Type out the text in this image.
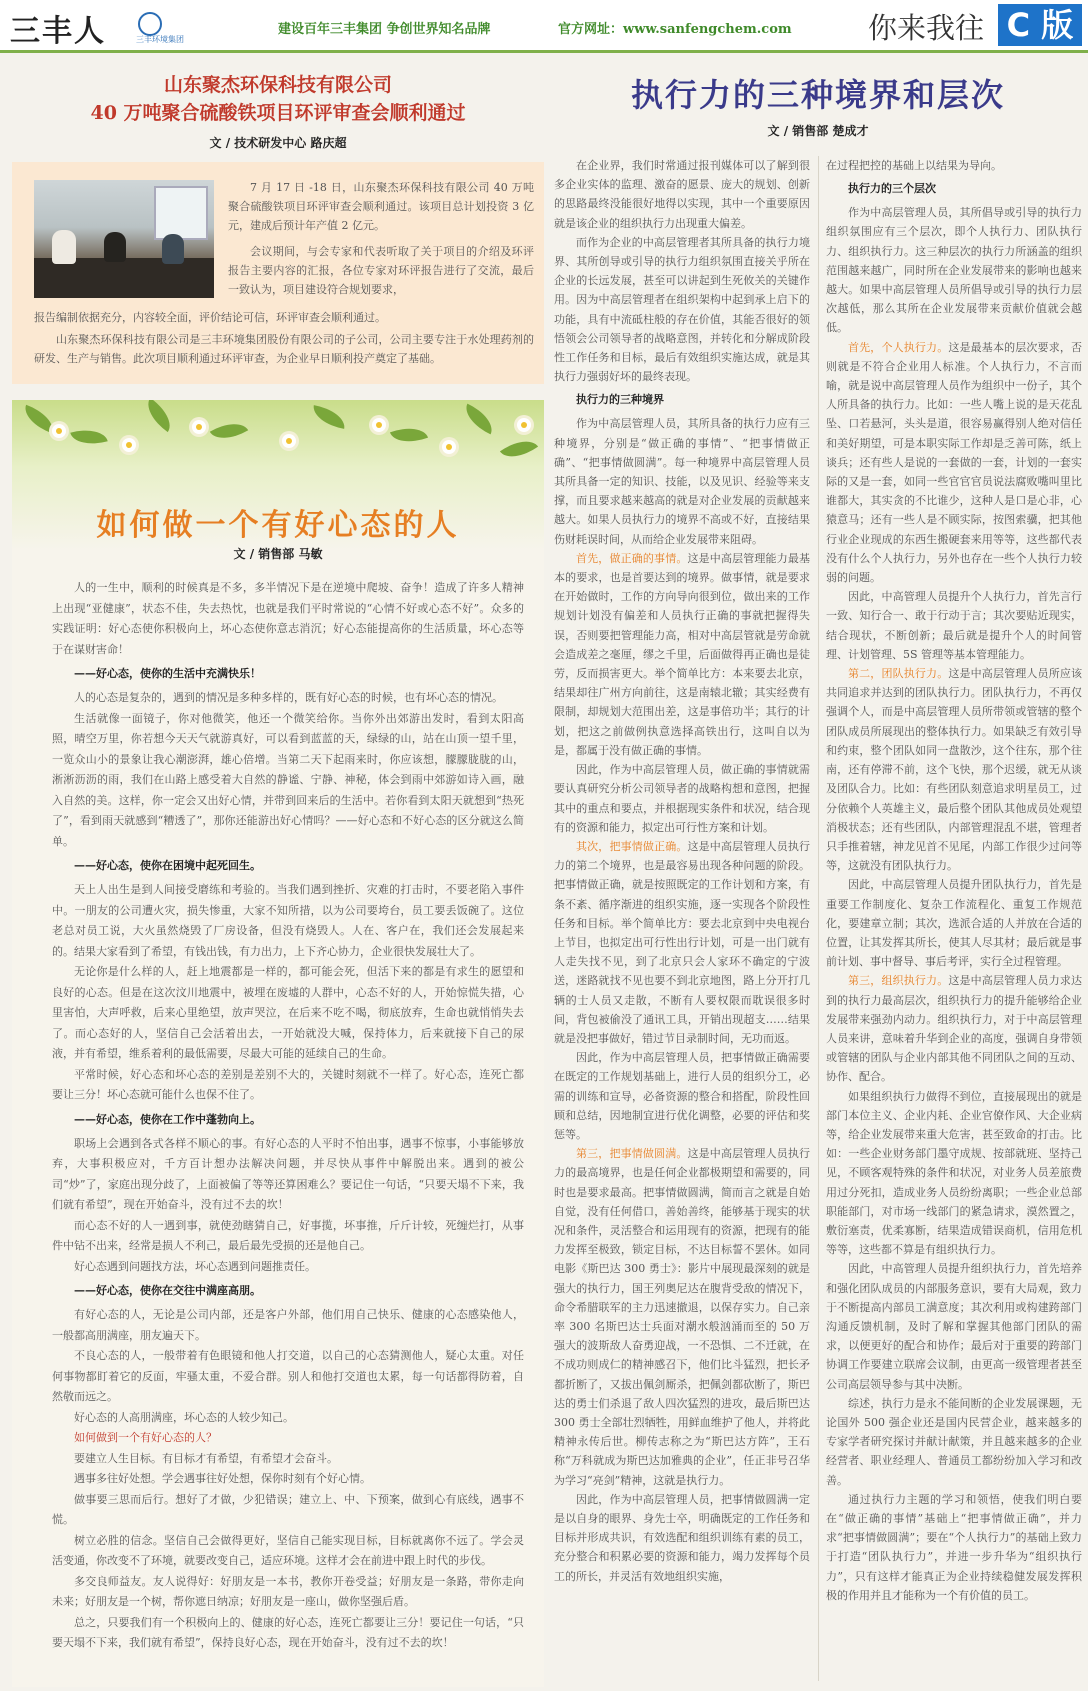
三丰人	三丰环境集团
建设百年三丰集团 争创世界知名品牌	官方网址：www.sanfengchem.com	你来我往 C 版
山东聚杰环保科技有限公司
40 万吨聚合硫酸铁项目环评审查会顺利通过
文 / 技术研发中心 路庆超

7 月 17 日 -18 日，山东聚杰环保科技有限公司 40 万吨聚合硫酸铁项目环评审查会顺利通过。该项目总计划投资 3 亿元，建成后预计年产值 2 亿元。

会议期间，与会专家和代表听取了关于项目的介绍及环评报告主要内容的汇报，各位专家对环评报告进行了交流，最后一致认为，项目建设符合规划要求，

报告编制依据充分，内容较全面，评价结论可信，环评审查会顺利通过。

山东聚杰环保科技有限公司是三丰环境集团股份有限公司的子公司，公司主要专注于水处理药剂的研发、生产与销售。此次项目顺利通过环评审查，为企业早日顺利投产奠定了基础。

如何做一个有好心态的人
文 / 销售部 马敏

人的一生中，顺利的时候真是不多，多半情况下是在逆境中爬坡、奋争！造成了许多人精神上出现“亚健康”，状态不佳，失去热忱，也就是我们平时常说的“心情不好或心态不好”。众多的实践证明：好心态使你积极向上，坏心态使你意志消沉；好心态能提高你的生活质量，坏心态等于在谋财害命！

——好心态，使你的生活中充满快乐！

人的心态是复杂的，遇到的情况是多种多样的，既有好心态的时候，也有坏心态的情况。

生活就像一面镜子，你对他微笑，他还一个微笑给你。当你外出郊游出发时，看到太阳高照，晴空万里，你若想今天天气就游真好，可以看到蓝蓝的天，绿绿的山，站在山顶一望千里，一览众山小的景象让我心潮澎湃，雄心倍增。当第二天下起雨来时，你应该想，朦朦胧胧的山，淅淅沥沥的雨，我们在山路上感受着大自然的静谧、宁静、神秘，体会到雨中郊游如诗入画，融入自然的美。这样，你一定会又出好心情，并带到回来后的生活中。若你看到太阳天就想到“热死了”，看到雨天就感到“糟透了”，那你还能游出好心情吗？——好心态和不好心态的区分就这么简单。

——好心态，使你在困境中起死回生。

天上人出生是到人间接受磨练和考验的。当我们遇到挫折、灾难的打击时，不要老陷入事件中。一朋友的公司遭火灾，损失惨重，大家不知所措，以为公司要垮台，员工要丢饭碗了。这位老总对员工说，大火虽然烧毁了厂房设备，但没有烧毁人。人在、客户在，我们还会发展起来的。结果大家看到了希望，有钱出钱，有力出力，上下齐心协力，企业很快发展壮大了。

无论你是什么样的人，赶上地震都是一样的，都可能会死，但活下来的都是有求生的愿望和良好的心态。但是在这次汶川地震中，被埋在废墟的人群中，心态不好的人，开始惊慌失措，心里害怕，大声呼救，后来心里绝望，放声哭泣，在后来不吃不喝，彻底放弃，生命也就悄悄失去了。而心态好的人，坚信自己会活着出去，一开始就没大喊，保持体力，后来就接下自己的尿液，并有希望，维系着利的最低需要，尽最大可能的延续自己的生命。

平常时候，好心态和坏心态的差别是差别不大的，关键时刻就不一样了。好心态，连死亡都要让三分！坏心态就可能什么也保不住了。

——好心态，使你在工作中蓬勃向上。

职场上会遇到各式各样不顺心的事。有好心态的人平时不怕出事，遇事不惊事，小事能够放弃，大事积极应对，千方百计想办法解决问题，并尽快从事件中解脱出来。遇到的被公司“炒”了，家庭出现分歧了，上面被偏了等等还算困难么？要记住一句话，“只要天塌不下来，我们就有希望”，现在开始奋斗，没有过不去的坎！

而心态不好的人一遇到事，就使劲瞎猜自己，好事揽，坏事推，斤斤计较，死缠烂打，从事件中钻不出来，经常是损人不利己，最后最先受损的还是他自己。

好心态遇到问题找方法，坏心态遇到问题推责任。

——好心态，使你在交往中满座高朋。

有好心态的人，无论是公司内部，还是客户外部，他们用自己快乐、健康的心态感染他人，一般都高朋满座，朋友遍天下。

不良心态的人，一般带着有色眼镜和他人打交道，以自己的心态猜测他人，疑心太重。对任何事物都盯着它的反面，牢骚太重，不爱合群。别人和他打交道也太累，每一句话都得防着，自然敬而远之。

好心态的人高朋满座，坏心态的人较少知己。

如何做到一个有好心态的人？

要建立人生目标。有目标才有希望，有希望才会奋斗。

遇事多往好处想。学会遇事往好处想，保你时刻有个好心情。

做事要三思而后行。想好了才做，少犯错误；建立上、中、下预案，做到心有底线，遇事不慌。

树立必胜的信念。坚信自己会做得更好，坚信自己能实现目标，目标就离你不远了。学会灵活变通，你改变不了环境，就要改变自己，适应环境。这样才会在前进中跟上时代的步伐。

多交良师益友。友人说得好：好朋友是一本书，教你开卷受益；好朋友是一条路，带你走向未来；好朋友是一个树，帮你遮日纳凉；好朋友是一座山，做你坚强后盾。

总之，只要我们有一个积极向上的、健康的好心态，连死亡都要让三分！要记住一句话，“只要天塌不下来，我们就有希望”，保持良好心态，现在开始奋斗，没有过不去的坎！

执行力的三种境界和层次
文 / 销售部 楚成才

在企业界，我们时常通过报刊媒体可以了解到很多企业实体的监理、激奋的愿景、庞大的规划、创新的思路最终没能很好地得以实现，其中一个重要原因就是该企业的组织执行力出现重大偏差。

而作为企业的中高层管理者其所具备的执行力境界、其所创导或引导的执行力组织氛围直接关乎所在企业的长远发展，甚至可以讲起到生死攸关的关键作用。因为中高层管理者在组织架构中起到承上启下的功能，具有中流砥柱般的存在价值，其能否很好的领悟领会公司领导者的战略意图，并转化和分解成阶段性工作任务和目标，最后有效组织实施达成，就是其执行力强弱好坏的最终表现。

执行力的三种境界

作为中高层管理人员，其所具备的执行力应有三种境界，分别是“做正确的事情”、“把事情做正确”、“把事情做圆满”。每一种境界中高层管理人员其所具备一定的知识、技能，以及见识、经验等来支撑，而且要求越来越高的就是对企业发展的贡献越来越大。如果人员执行力的境界不高或不好，直接结果伤财耗误时间，从而给企业发展带来阻碍。

首先，做正确的事情。这是中高层管理能力最基本的要求，也是首要达到的境界。做事情，就是要求在开始做时，工作的方向导向很到位，做出来的工作规划计划没有偏差和人员执行正确的事就把握得失误，否则要把管理能力高，相对中高层管就是劳命就会造成差之毫厘，缪之千里，后面做得再正确也是徒劳，反而损害更大。举个简单比方：本来要去北京，结果却往广州方向前往，这是南辕北辙；其实经费有限制，却规划大范围出差，这是事倍功半；其行的计划，把这之前做例执意选择高铁出行，这叫自以为是，都属于没有做正确的事情。

因此，作为中高层管理人员，做正确的事情就需要认真研究分析公司领导者的战略构想和意图，把握其中的重点和要点，并根据现实条件和状况，结合现有的资源和能力，拟定出可行性方案和计划。

其次，把事情做正确。这是中高层管理人员执行力的第二个境界，也是最容易出现各种问题的阶段。把事情做正确，就是按照既定的工作计划和方案，有条不紊、循序渐进的组织实施，逐一实现各个阶段性任务和目标。举个简单比方：要去北京到中央电视台上节目，也拟定出可行性出行计划，可是一出门就有人走失找不见，到了北京只会人家环不确定的宁波送，迷路就找不见也要不到北京地图，路上分开打几辆的士人员又走散，不断有人要权限而耽误很多时间，背包被偷没了通讯工具，开销出现超支……结果就是没把事做好，错过节目录制时间，无功而返。

因此，作为中高层管理人员，把事情做正确需要在既定的工作规划基础上，进行人员的组织分工，必需的训练和宣导，必备资源的整合和搭配，阶段性回顾和总结，因地制宜进行优化调整，必要的评估和奖惩等。

第三，把事情做圆满。这是中高层管理人员执行力的最高境界，也是任何企业都极期望和需要的，同时也是要求最高。把事情做圆满，简而言之就是自始自觉，没有任何借口，善始善终，能够基于现实的状况和条件，灵活整合和运用现有的资源，把现有的能力发挥至极致，锁定目标，不达目标誓不罢休。如同电影《斯巴达 300 勇士》：影片中展现最深刻的就是强大的执行力，国王列奥尼达在腹背受敌的情况下，命令希腊联军的主力迅速撤退，以保存实力。自己亲率 300 名斯巴达士兵面对潮水般汹涌而至的 50 万强大的波斯敌人奋勇迎战，一不恐惧、二不迁就，在不成功则成仁的精神感召下，他们比斗猛烈，把长矛都折断了，又拔出佩剑厮杀，把佩剑都砍断了，斯巴达的勇士们杀退了敌人四次猛烈的进攻，最后斯巴达 300 勇士全部壮烈牺牲，用鲜血维护了他人，并将此精神永传后世。柳传志称之为“斯巴达方阵”，王石称“万科就成为斯巴达加雅典的企业”，任正非号召华为学习“亮剑”精神，这就是执行力。

因此，作为中高层管理人员，把事情做圆满一定是以自身的眼界、身先士卒，明确既定的工作任务和目标并形成共识，有效选配和组织训练有素的员工，充分整合和积累必要的资源和能力，竭力发挥每个员工的所长，并灵活有效地组织实施，

在过程把控的基础上以结果为导向。

执行力的三个层次

作为中高层管理人员，其所倡导或引导的执行力组织氛围应有三个层次，即个人执行力、团队执行力、组织执行力。这三种层次的执行力所涵盖的组织范围越来越广，同时所在企业发展带来的影响也越来越大。如果中高层管理人员所倡导或引导的执行力层次越低，那么其所在企业发展带来贡献价值就会越低。

首先，个人执行力。这是最基本的层次要求，否则就是不符合企业用人标准。个人执行力，不言而喻，就是说中高层管理人员作为组织中一份子，其个人所具备的执行力。比如：一些人嘴上说的是天花乱坠、口若悬河，头头是道，很容易赢得别人绝对信任和美好期望，可是本职实际工作却是乏善可陈，纸上谈兵；还有些人是说的一套做的一套，计划的一套实际的又是一套，如同一些官官官员说法腐败嘴叫里比谁都大，其实贪的不比谁少，这种人是口是心非，心猿意马；还有一些人是不顾实际，按图索骥，把其他行业企业现成的东西生搬硬套来用等等，这些都代表没有什么个人执行力，另外也存在一些个人执行力较弱的问题。

因此，中高管理人员提升个人执行力，首先言行一致、知行合一、敢于行动于言；其次要贴近现实，结合现状，不断创新；最后就是提升个人的时间管理、计划管理、5S 管理等基本管理能力。

第二，团队执行力。这是中高层管理人员所应该共同追求并达到的团队执行力。团队执行力，不再仅强调个人，而是中高层管理人员所带领或管辖的整个团队成员所展现出的整体执行力。如果缺乏有效引导和约束，整个团队如同一盘散沙，这个往东，那个往南，还有停滞不前，这个飞快，那个迟缓，就无从谈及团队合力。比如：有些团队刻意追求明星员工，过分依赖个人英雄主义，最后整个团队其他成员处观望消极状态；还有些团队，内部管理混乱不堪，管理者只手推着辖，神龙见首不见尾，内部工作很少过问等等，这就没有团队执行力。

因此，中高层管理人员提升团队执行力，首先是重要工作制度化、复杂工作流程化、重复工作规范化，要建章立制；其次，选派合适的人并放在合适的位置，让其发挥其所长，使其人尽其材；最后就是事前计划、事中督导、事后考评，实行全过程管理。

第三，组织执行力。这是中高层管理人员力求达到的执行力最高层次，组织执行力的提升能够给企业发展带来强劲内动力。组织执行力，对于中高层管理人员来讲，意味着升华到企业的高度，强调自身带领或管辖的团队与企业内部其他不同团队之间的互动、协作、配合。

如果组织执行力做得不到位，直接展现出的就是部门本位主义、企业内耗、企业官僚作风、大企业病等，给企业发展带来重大危害，甚至致命的打击。比如：一些企业财务部门墨守成规、按部就班、坚持己见，不顾客观特殊的条件和状况，对业务人员差旅费用过分死扣，造成业务人员纷纷离职；一些企业总部职能部门，对市场一线部门的紧急请求，漠然置之，敷衍塞责，优柔寡断，结果造成错误商机，信用危机等等，这些都不算是有组织执行力。

因此，中高管理人员提升组织执行力，首先培养和强化团队成员的内部服务意识，要有大局观，致力于不断提高内部员工满意度；其次利用或构建跨部门沟通反馈机制，及时了解和掌握其他部门团队的需求，以便更好的配合和协作；最后对于重要的跨部门协调工作要建立联席会议制，由更高一级管理者甚至公司高层领导参与其中决断。

综述，执行力是永不能间断的企业发展课题，无论国外 500 强企业还是国内民营企业，越来越多的专家学者研究探讨并献计献策，并且越来越多的企业经营者、职业经理人、普通员工都纷纷加入学习和改善。

通过执行力主题的学习和领悟，使我们明白要在“做正确的事情”基础上“把事情做正确”，并力求“把事情做圆满”；要在“个人执行力”的基础上致力于打造“团队执行力”，并进一步升华为“组织执行力”，只有这样才能真正为企业持续稳健发展发挥积极的作用并且才能称为一个有价值的员工。
